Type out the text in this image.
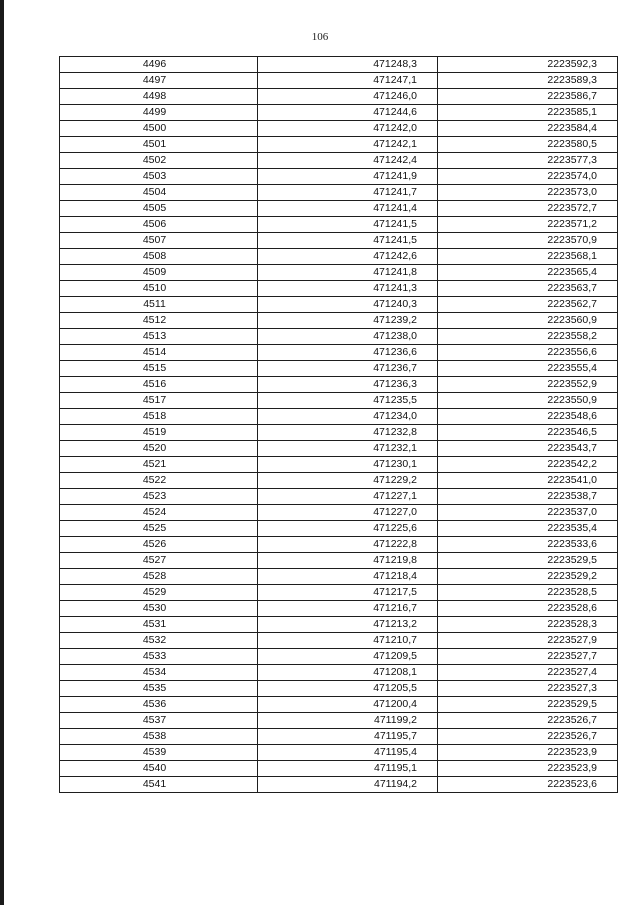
106
4496	471248,3	2223592,3
4497	471247,1	2223589,3
4498	471246,0	2223586,7
4499	471244,6	2223585,1
4500	471242,0	2223584,4
4501	471242,1	2223580,5
4502	471242,4	2223577,3
4503	471241,9	2223574,0
4504	471241,7	2223573,0
4505	471241,4	2223572,7
4506	471241,5	2223571,2
4507	471241,5	2223570,9
4508	471242,6	2223568,1
4509	471241,8	2223565,4
4510	471241,3	2223563,7
4511	471240,3	2223562,7
4512	471239,2	2223560,9
4513	471238,0	2223558,2
4514	471236,6	2223556,6
4515	471236,7	2223555,4
4516	471236,3	2223552,9
4517	471235,5	2223550,9
4518	471234,0	2223548,6
4519	471232,8	2223546,5
4520	471232,1	2223543,7
4521	471230,1	2223542,2
4522	471229,2	2223541,0
4523	471227,1	2223538,7
4524	471227,0	2223537,0
4525	471225,6	2223535,4
4526	471222,8	2223533,6
4527	471219,8	2223529,5
4528	471218,4	2223529,2
4529	471217,5	2223528,5
4530	471216,7	2223528,6
4531	471213,2	2223528,3
4532	471210,7	2223527,9
4533	471209,5	2223527,7
4534	471208,1	2223527,4
4535	471205,5	2223527,3
4536	471200,4	2223529,5
4537	471199,2	2223526,7
4538	471195,7	2223526,7
4539	471195,4	2223523,9
4540	471195,1	2223523,9
4541	471194,2	2223523,6
